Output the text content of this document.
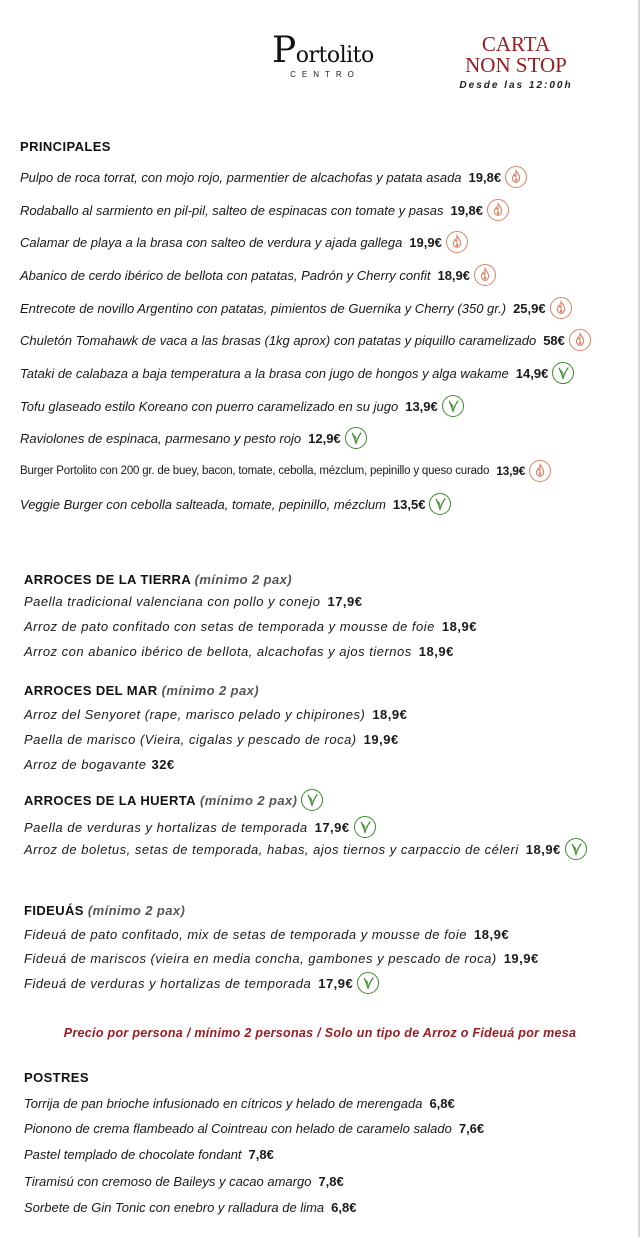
Portolito
CENTRO
CARTA
NON STOP
Desde las 12:00h
PRINCIPALES
Pulpo de roca torrat, con mojo rojo, parmentier de alcachofas y patata asada 19,8€
Rodaballo al sarmiento en pil-pil, salteo de espinacas con tomate y pasas 19,8€
Calamar de playa a la brasa con salteo de verdura y ajada gallega 19,9€
Abanico de cerdo ibérico de bellota con patatas, Padrón y Cherry confit 18,9€
Entrecote de novillo Argentino con patatas, pimientos de Guernika y Cherry (350 gr.) 25,9€
Chuletón Tomahawk de vaca a las brasas (1kg aprox) con patatas y piquillo caramelizado 58€
Tataki de calabaza a baja temperatura a la brasa con jugo de hongos y alga wakame 14,9€
Tofu glaseado estilo Koreano con puerro caramelizado en su jugo 13,9€
Raviolones de espinaca, parmesano y pesto rojo 12,9€
Burger Portolito con 200 gr. de buey, bacon, tomate, cebolla, mézclum, pepinillo y queso curado 13,9€
Veggie Burger con cebolla salteada, tomate, pepinillo, mézclum 13,5€
ARROCES DE LA TIERRA (mínimo 2 pax)
Paella tradicional valenciana con pollo y conejo 17,9€
Arroz de pato confitado con setas de temporada y mousse de foie 18,9€
Arroz con abanico ibérico de bellota, alcachofas y ajos tiernos 18,9€
ARROCES DEL MAR (mínimo 2 pax)
Arroz del Senyoret (rape, marisco pelado y chipirones) 18,9€
Paella de marisco (Vieira, cigalas y pescado de roca) 19,9€
Arroz de bogavante 32€
ARROCES DE LA HUERTA
(mínimo 2 pax)
Paella de verduras y hortalizas de temporada 17,9€
Arroz de boletus, setas de temporada, habas, ajos tiernos y carpaccio de céleri 18,9€
FIDEUÁS (mínimo 2 pax)
Fideuá de pato confitado, mix de setas de temporada y mousse de foie 18,9€
Fideuá de mariscos (vieira en media concha, gambones y pescado de roca) 19,9€
Fideuá de verduras y hortalizas de temporada 17,9€
Precio por persona / mínimo 2 personas / Solo un tipo de Arroz o Fideuá por mesa
POSTRES
Torrija de pan brioche infusionado en cítricos y helado de merengada 6,8€
Pionono de crema flambeado al Cointreau con helado de caramelo salado 7,6€
Pastel templado de chocolate fondant 7,8€
Tiramisú con cremoso de Baileys y cacao amargo 7,8€
Sorbete de Gin Tonic con enebro y ralladura de lima 6,8€
